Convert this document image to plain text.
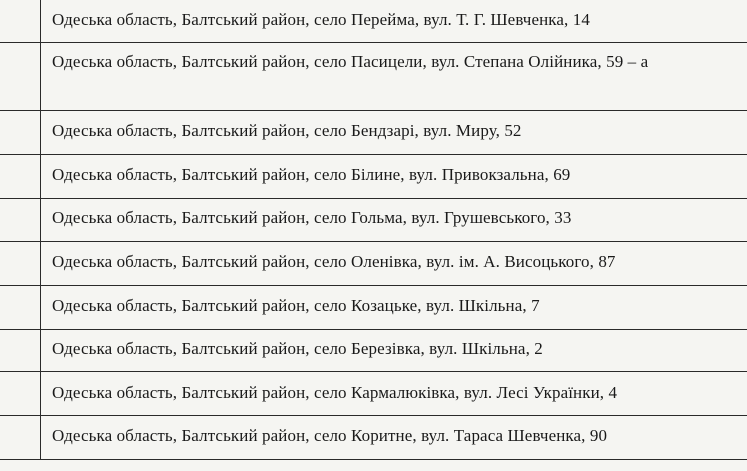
Одеська область, Балтський район, село Перейма, вул. Т. Г. Шевченка, 14
Одеська область, Балтський район, село Пасицели, вул. Степана Олійника, 59 – а
Одеська область, Балтський район, село Бендзарі, вул. Миру, 52
Одеська область, Балтський район, село Білине, вул. Привокзальна, 69
Одеська область, Балтський район, село Гольма, вул. Грушевського, 33
Одеська область, Балтський район, село Оленівка, вул. ім. А. Висоцького, 87
Одеська область, Балтський район, село Козацьке, вул. Шкільна, 7
Одеська область, Балтський район, село Березівка, вул. Шкільна, 2
Одеська область, Балтський район, село Кармалюківка, вул. Лесі Українки, 4
Одеська область, Балтський район, село Коритне, вул. Тараса Шевченка, 90
